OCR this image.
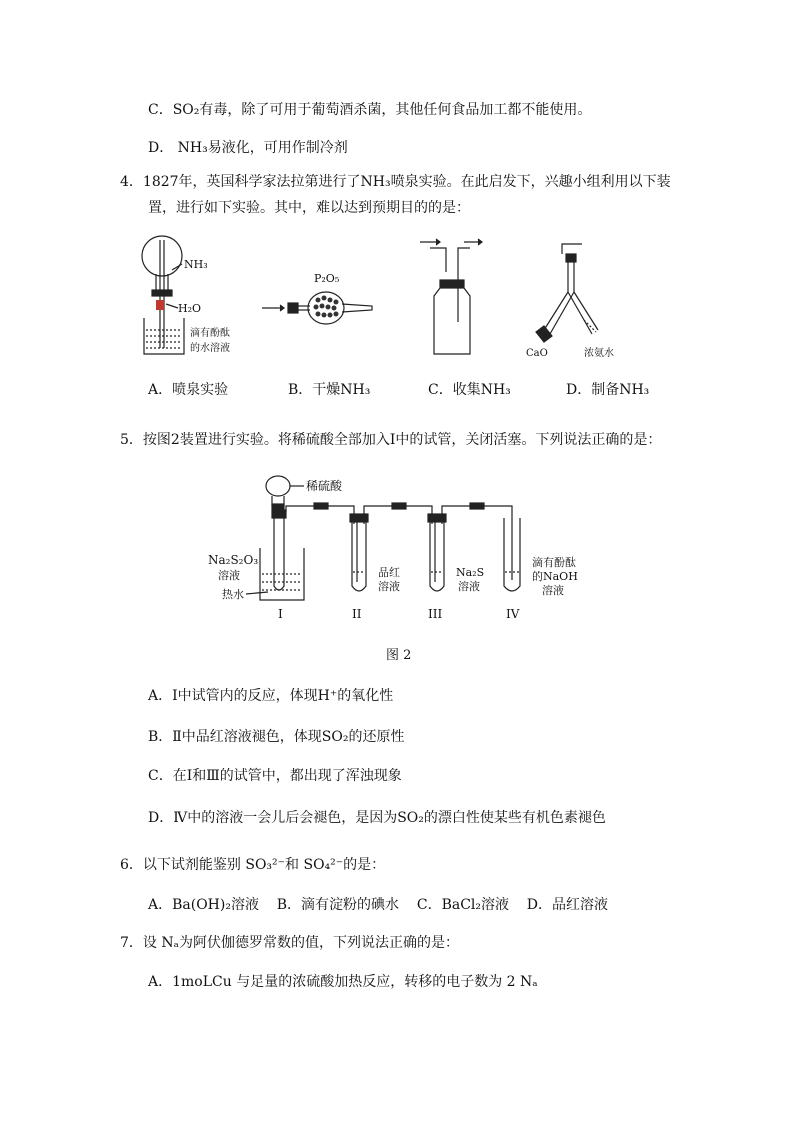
C．SO₂有毒，除了可用于葡萄酒杀菌，其他任何食品加工都不能使用。
D． NH₃易液化，可用作制冷剂
4．1827年，英国科学家法拉第进行了NH₃喷泉实验。在此启发下，兴趣小组利用以下装
置，进行如下实验。其中，难以达到预期目的的是：
NH₃
H₂O
滴有酚酞
的水溶液
P₂O₅
CaO	浓氨水
A．喷泉实验	B．干燥NH₃	C．收集NH₃	D．制备NH₃
5．按图2装置进行实验。将稀硫酸全部加入Ⅰ中的试管，关闭活塞。下列说法正确的是：
稀硫酸
Na₂S₂O₃
溶液
热水
品红
溶液
Na₂S
溶液
滴有酚酞
的NaOH
溶液
I	II	III	IV
图 2
A．Ⅰ中试管内的反应，体现H⁺的氧化性
B．Ⅱ中品红溶液褪色，体现SO₂的还原性
C．在Ⅰ和Ⅲ的试管中，都出现了浑浊现象
D．Ⅳ中的溶液一会儿后会褪色，是因为SO₂的漂白性使某些有机色素褪色
6．以下试剂能鉴别 SO₃²⁻和 SO₄²⁻的是：
A．Ba(OH)₂溶液    B．滴有淀粉的碘水    C．BaCl₂溶液    D．品红溶液
7．设 Nₐ为阿伏伽德罗常数的值，下列说法正确的是：
A．1moLCu 与足量的浓硫酸加热反应，转移的电子数为 2 Nₐ
